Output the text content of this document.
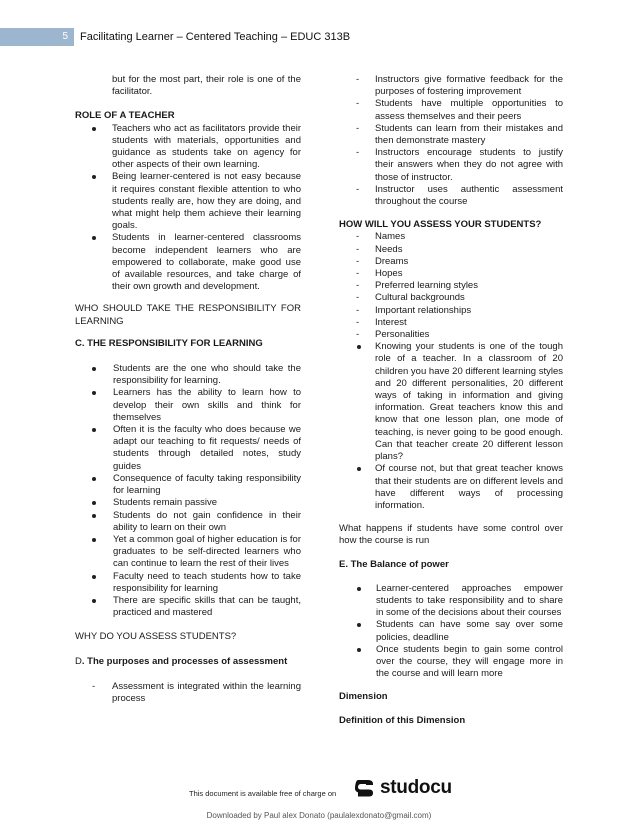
5	Facilitating Learner – Centered Teaching – EDUC 313B

but for the most part, their role is one of the facilitator.

ROLE OF A TEACHER

Teachers who act as facilitators provide their students with materials, opportunities and guidance as students take on agency for other aspects of their own learning.
Being learner-centered is not easy because it requires constant flexible attention to who students really are, how they are doing, and what might help them achieve their learning goals.
Students in learner-centered classrooms become independent learners who are empowered to collaborate, make good use of available resources, and take charge of their own growth and development.

WHO SHOULD TAKE THE RESPONSIBILITY FOR LEARNING

C. THE RESPONSIBILITY FOR LEARNING

Students are the one who should take the responsibility for learning.
Learners has the ability to learn how to develop their own skills and think for themselves
Often it is the faculty who does because we adapt our teaching to fit requests/ needs of students through detailed notes, study guides
Consequence of faculty taking responsibility for learning
Students remain passive
Students do not gain confidence in their ability to learn on their own
Yet a common goal of higher education is for graduates to be self-directed learners who can continue to learn the rest of their lives
Faculty need to teach students how to take responsibility for learning
There are specific skills that can be taught, practiced and mastered

WHY DO YOU ASSESS STUDENTS?

D. The purposes and processes of assessment

- Assessment is integrated within the learning process
- Instructors give formative feedback for the purposes of fostering improvement
- Students have multiple opportunities to assess themselves and their peers
- Students can learn from their mistakes and then demonstrate mastery
- Instructors encourage students to justify their answers when they do not agree with those of instructor.
- Instructor uses authentic assessment throughout the course

HOW WILL YOU ASSESS YOUR STUDENTS?

- Names
- Needs
- Dreams
- Hopes
- Preferred learning styles
- Cultural backgrounds
- Important relationships
- Interest
- Personalities
Knowing your students is one of the tough role of a teacher. In a classroom of 20 children you have 20 different learning styles and 20 different personalities, 20 different ways of taking in information and giving information. Great teachers know this and know that one lesson plan, one mode of teaching, is never going to be good enough. Can that teacher create 20 different lesson plans?
Of course not, but that great teacher knows that their students are on different levels and have different ways of processing information.

What happens if students have some control over how the course is run

E. The Balance of power

Learner-centered approaches empower students to take responsibility and to share in some of the decisions about their courses
Students can have some say over some policies, deadline
Once students begin to gain some control over the course, they will engage more in the course and will learn more

Dimension

Definition of this Dimension

This document is available free of charge on studocu
Downloaded by Paul alex Donato (paulalexdonato@gmail.com)
